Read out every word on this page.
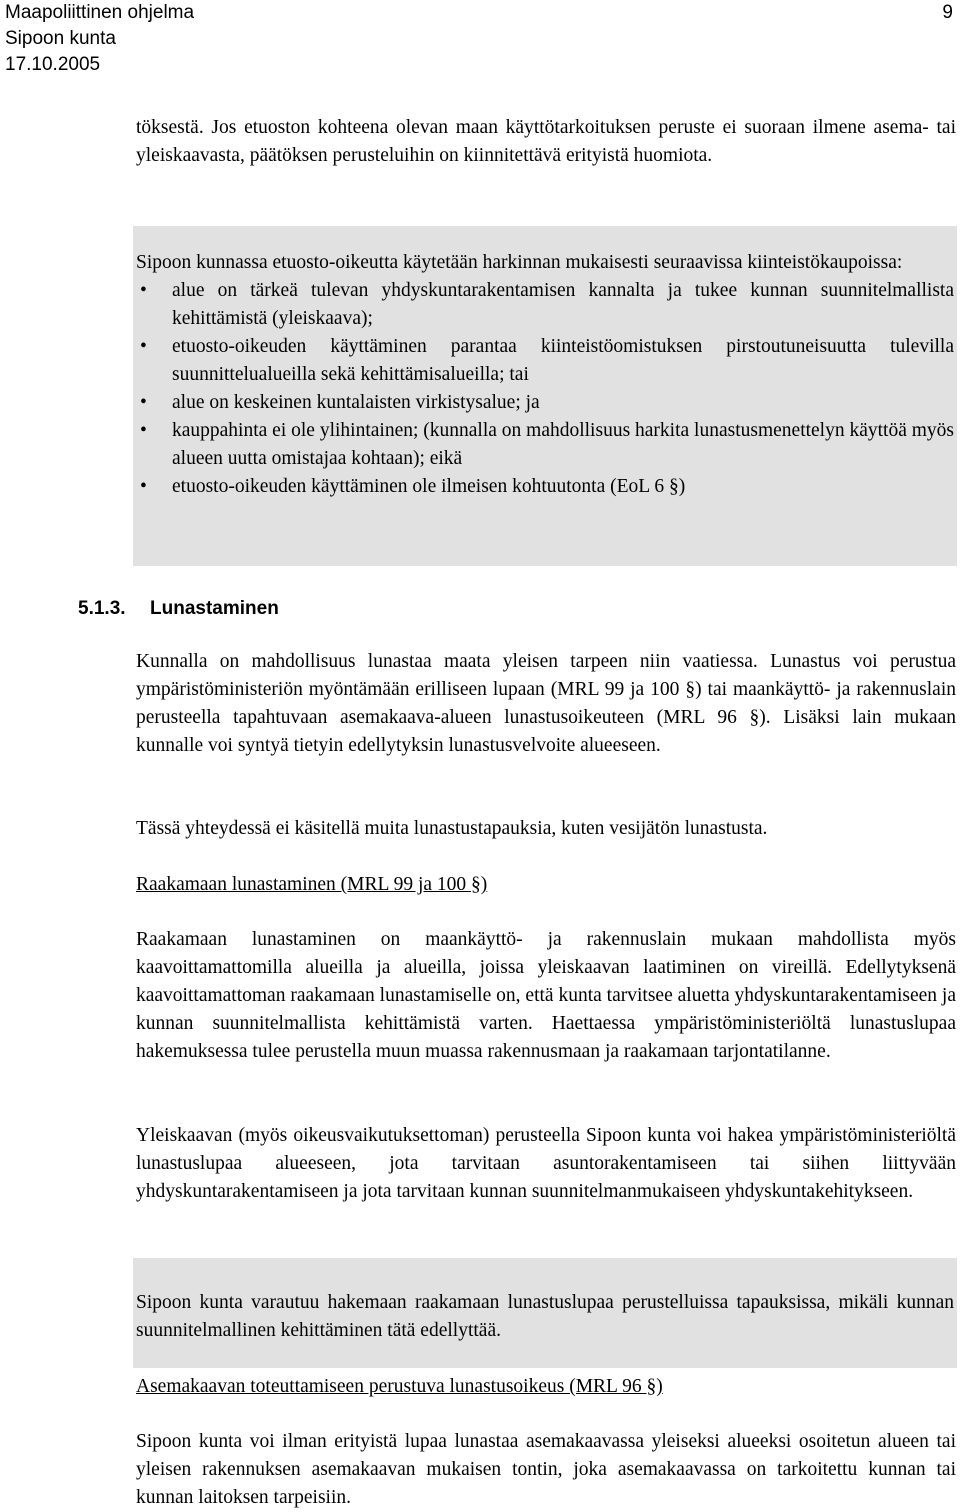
Maapoliittinen ohjelma
Sipoon kunta
17.10.2005
9

töksestä. Jos etuoston kohteena olevan maan käyttötarkoituksen peruste ei suoraan ilmene asema- tai yleiskaavasta, päätöksen perusteluihin on kiinnitettävä erityistä huomiota.

Sipoon kunnassa etuosto-oikeutta käytetään harkinnan mukaisesti seuraavissa kiinteistökaupoissa:

•	alue on tärkeä tulevan yhdyskuntarakentamisen kannalta ja tukee kunnan suunnitelmallista kehittämistä (yleiskaava);
•	etuosto-oikeuden käyttäminen parantaa kiinteistöomistuksen pirstoutuneisuutta tulevilla suunnittelualueilla sekä kehittämisalueilla; tai
•	alue on keskeinen kuntalaisten virkistysalue; ja
•	kauppahinta ei ole ylihintainen; (kunnalla on mahdollisuus harkita lunastusmenettelyn käyttöä myös alueen uutta omistajaa kohtaan); eikä
•	etuosto-oikeuden käyttäminen ole ilmeisen kohtuutonta (EoL 6 §)
5.1.3. Lunastaminen

Kunnalla on mahdollisuus lunastaa maata yleisen tarpeen niin vaatiessa. Lunastus voi perustua ympäristöministeriön myöntämään erilliseen lupaan (MRL 99 ja 100 §) tai maankäyttö- ja rakennuslain perusteella tapahtuvaan asemakaava-alueen lunastusoikeuteen (MRL 96 §). Lisäksi lain mukaan kunnalle voi syntyä tietyin edellytyksin lunastusvelvoite alueeseen.

Tässä yhteydessä ei käsitellä muita lunastustapauksia, kuten vesijätön lunastusta.

Raakamaan lunastaminen (MRL 99 ja 100 §)

Raakamaan lunastaminen on maankäyttö- ja rakennuslain mukaan mahdollista myös kaavoittamattomilla alueilla ja alueilla, joissa yleiskaavan laatiminen on vireillä. Edellytyksenä kaavoittamattoman raakamaan lunastamiselle on, että kunta tarvitsee aluetta yhdyskuntarakentamiseen ja kunnan suunnitelmallista kehittämistä varten. Haettaessa ympäristöministeriöltä lunastuslupaa hakemuksessa tulee perustella muun muassa rakennusmaan ja raakamaan tarjontatilanne.

Yleiskaavan (myös oikeusvaikutuksettoman) perusteella Sipoon kunta voi hakea ympäristöministeriöltä lunastuslupaa alueeseen, jota tarvitaan asuntorakentamiseen tai siihen liittyvään yhdyskuntarakentamiseen ja jota tarvitaan kunnan suunnitelmanmukaiseen yhdyskuntakehitykseen.

Sipoon kunta varautuu hakemaan raakamaan lunastuslupaa perustelluissa tapauksissa, mikäli kunnan suunnitelmallinen kehittäminen tätä edellyttää.

Asemakaavan toteuttamiseen perustuva lunastusoikeus (MRL 96 §)

Sipoon kunta voi ilman erityistä lupaa lunastaa asemakaavassa yleiseksi alueeksi osoitetun alueen tai yleisen rakennuksen asemakaavan mukaisen tontin, joka asemakaavassa on tarkoitettu kunnan tai kunnan laitoksen tarpeisiin.
